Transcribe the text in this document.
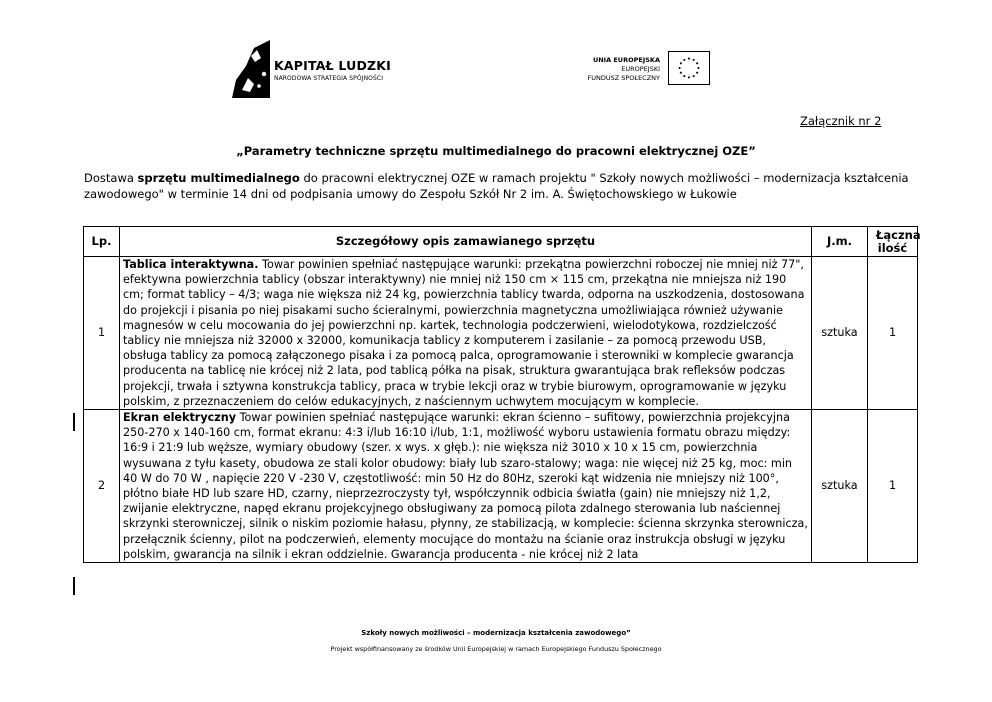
KAPITAŁ LUDZKI
NARODOWA STRATEGIA SPÓJNOŚCI
UNIA EUROPEJSKA
EUROPEJSKI
FUNDUSZ SPOŁECZNY
Załącznik nr 2
„Parametry techniczne sprzętu multimedialnego do pracowni elektrycznej OZE”
Dostawa sprzętu multimedialnego do pracowni elektrycznej OZE w ramach projektu " Szkoły nowych możliwości – modernizacja kształcenia zawodowego" w terminie 14 dni od podpisania umowy do Zespołu Szkół Nr 2 im. A. Świętochowskiego w Łukowie
Lp.	Szczegółowy opis zamawianego sprzętu	J.m.	Łączna ilość
1	Tablica interaktywna. Towar powinien spełniać następujące warunki: przekątna powierzchni roboczej nie mniej niż 77", efektywna powierzchnia tablicy (obszar interaktywny) nie mniej niż 150 cm × 115 cm, przekątna nie mniejsza niż 190 cm; format tablicy – 4/3; waga nie większa niż 24 kg, powierzchnia tablicy twarda, odporna na uszkodzenia, dostosowana do projekcji i pisania po niej pisakami sucho ścieralnymi, powierzchnia magnetyczna umożliwiająca również używanie magnesów w celu mocowania do jej powierzchni np. kartek, technologia podczerwieni, wielodotykowa, rozdzielczość tablicy nie mniejsza niż 32000 x 32000, komunikacja tablicy z komputerem i zasilanie – za pomocą przewodu USB, obsługa tablicy za pomocą załączonego pisaka i za pomocą palca, oprogramowanie i sterowniki w komplecie gwarancja producenta na tablicę nie krócej niż 2 lata, pod tablicą półka na pisak, struktura gwarantująca brak refleksów podczas projekcji, trwała i sztywna konstrukcja tablicy, praca w trybie lekcji oraz w trybie biurowym, oprogramowanie w języku polskim, z przeznaczeniem do celów edukacyjnych, z naściennym uchwytem mocującym w komplecie.	sztuka	1
2	Ekran elektryczny Towar powinien spełniać następujące warunki: ekran ścienno – sufitowy, powierzchnia projekcyjna 250-270 x 140-160 cm, format ekranu: 4:3 i/lub 16:10 i/lub, 1:1, możliwość wyboru ustawienia formatu obrazu między: 16:9 i 21:9 lub węższe, wymiary obudowy (szer. x wys. x głęb.): nie większa niż 3010 x 10 x 15 cm, powierzchnia wysuwana z tyłu kasety, obudowa ze stali kolor obudowy: biały lub szaro-stalowy; waga: nie więcej niż 25 kg, moc: min 40 W do 70 W , napięcie 220 V -230 V, częstotliwość: min 50 Hz do 80Hz, szeroki kąt widzenia nie mniejszy niż 100°, płótno białe HD lub szare HD, czarny, nieprzezroczysty tył, współczynnik odbicia światła (gain) nie mniejszy niż 1,2, zwijanie elektryczne, napęd ekranu projekcyjnego obsługiwany za pomocą pilota zdalnego sterowania lub naściennej skrzynki sterowniczej, silnik o niskim poziomie hałasu, płynny, ze stabilizacją, w komplecie: ścienna skrzynka sterownicza, przełącznik ścienny, pilot na podczerwień, elementy mocujące do montażu na ścianie oraz instrukcja obsługi w języku polskim, gwarancja na silnik i ekran oddzielnie. Gwarancja producenta - nie krócej niż 2 lata	sztuka	1
Szkoły nowych możliwości – modernizacja kształcenia zawodowego”
Projekt współfinansowany ze środków Unii Europejskiej w ramach Europejskiego Funduszu Społecznego
